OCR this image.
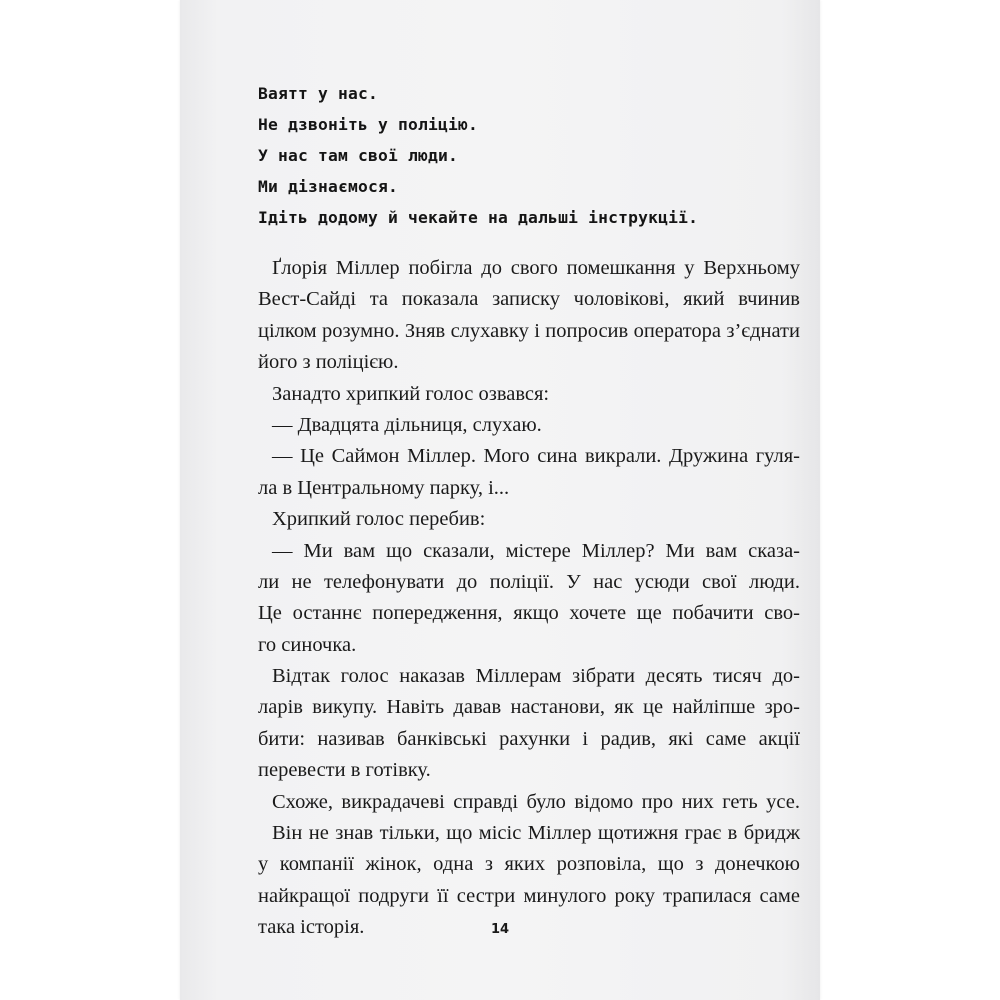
Ваятт у нас.
Не дзвоніть у поліцію.
У нас там свої люди.
Ми дізнаємося.
Ідіть додому й чекайте на дальші інструкції.
Ґлорія Міллер побігла до свого помешкання у Верхньому
Вест-Сайді та показала записку чоловікові, який вчинив
цілком розумно. Зняв слухавку і попросив оператора з’єднати
його з поліцією.
Занадто хрипкий голос озвався:
— Двадцята дільниця, слухаю.
— Це Саймон Міллер. Мого сина викрали. Дружина гуля-
ла в Центральному парку, і...
Хрипкий голос перебив:
— Ми вам що сказали, містере Міллер? Ми вам сказа-
ли не телефонувати до поліції. У нас усюди свої люди.
Це останнє попередження, якщо хочете ще побачити сво-
го синочка.
Відтак голос наказав Міллерам зібрати десять тисяч до-
ларів викупу. Навіть давав настанови, як це найліпше зро-
бити: називав банківські рахунки і радив, які саме акції
перевести в готівку.
Схоже, викрадачеві справді було відомо про них геть усе.
Він не знав тільки, що місіс Міллер щотижня грає в бридж
у компанії жінок, одна з яких розповіла, що з донечкою
найкращої подруги її сестри минулого року трапилася саме
така історія.	14
